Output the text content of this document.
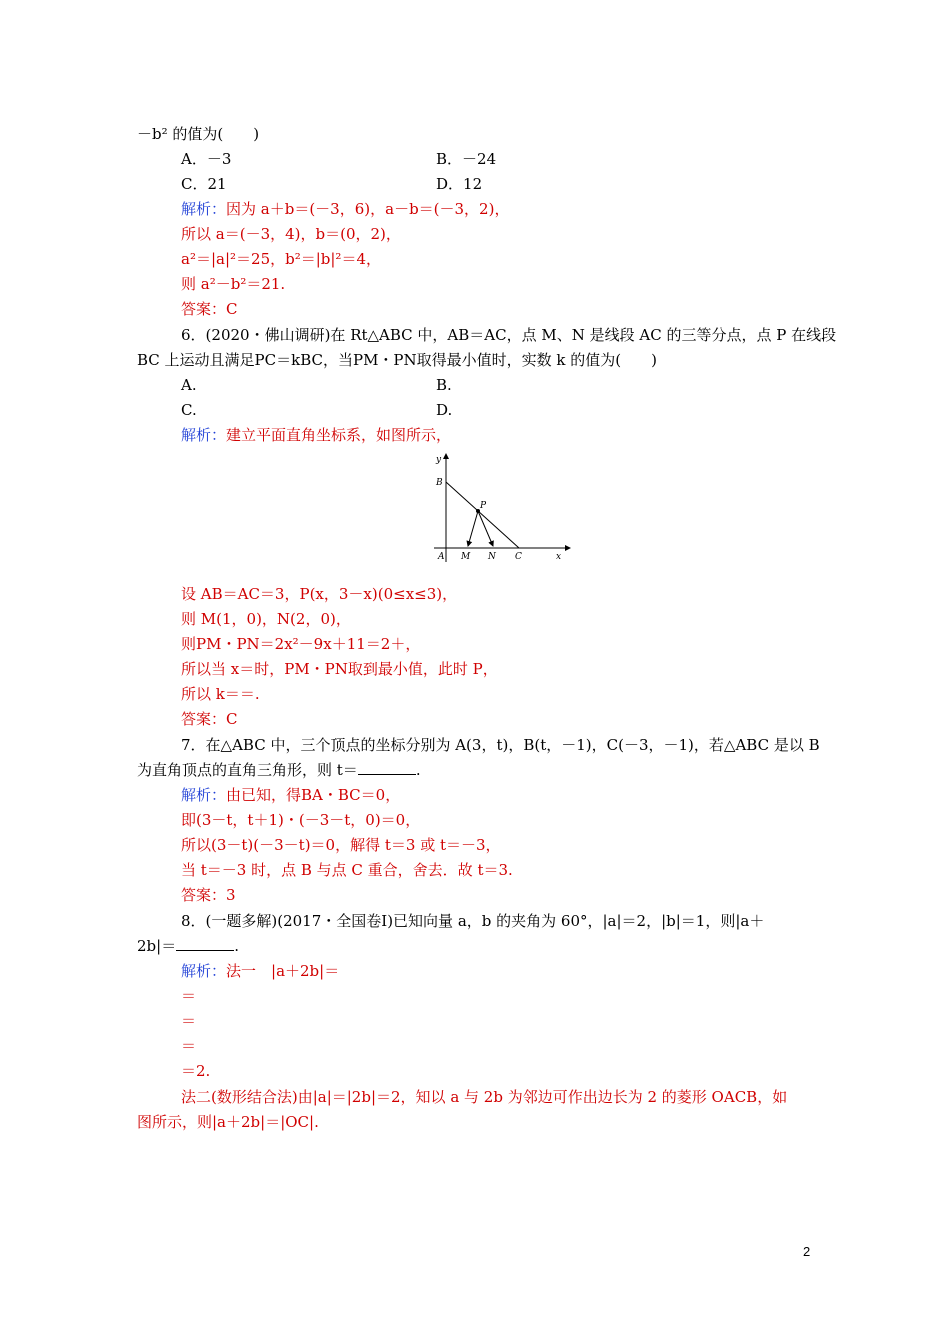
－b² 的值为(　　)
A．－3	B．－24
C．21	D．12
解析：因为 a＋b＝(－3，6)，a－b＝(－3，2)，
所以 a＝(－3，4)，b＝(0，2)，
a²＝|a|²＝25，b²＝|b|²＝4，
则 a²－b²＝21.
答案：C
6．(2020・佛山调研)在 Rt△ABC 中，AB＝AC，点 M、N 是线段 AC 的三等分点，点 P 在线段
BC 上运动且满足PC＝kBC，当PM・PN取得最小值时，实数 k 的值为(　　)
A.	B.
C.	D.
解析：建立平面直角坐标系，如图所示，
y
x
B
P
A M N C
设 AB＝AC＝3，P(x，3－x)(0≤x≤3)，
则 M(1，0)，N(2，0)，
则PM・PN＝2x²－9x＋11＝2＋，
所以当 x＝时，PM・PN取到最小值，此时 P，
所以 k＝＝.
答案：C
7．在△ABC 中，三个顶点的坐标分别为 A(3，t)，B(t，－1)，C(－3，－1)，若△ABC 是以 B
为直角顶点的直角三角形，则 t＝	.
解析：由已知，得BA・BC＝0，
即(3－t，t＋1)・(－3－t，0)＝0，
所以(3－t)(－3－t)＝0，解得 t＝3 或 t＝－3，
当 t＝－3 时，点 B 与点 C 重合，舍去．故 t＝3.
答案：3
8．(一题多解)(2017・全国卷Ⅰ)已知向量 a，b 的夹角为 60°，|a|＝2，|b|＝1，则|a＋
2b|＝	.
解析：法一　|a＋2b|＝
＝
＝
＝
＝2.
法二(数形结合法)由|a|＝|2b|＝2，知以 a 与 2b 为邻边可作出边长为 2 的菱形 OACB，如
图所示，则|a＋2b|＝|OC|.
2
